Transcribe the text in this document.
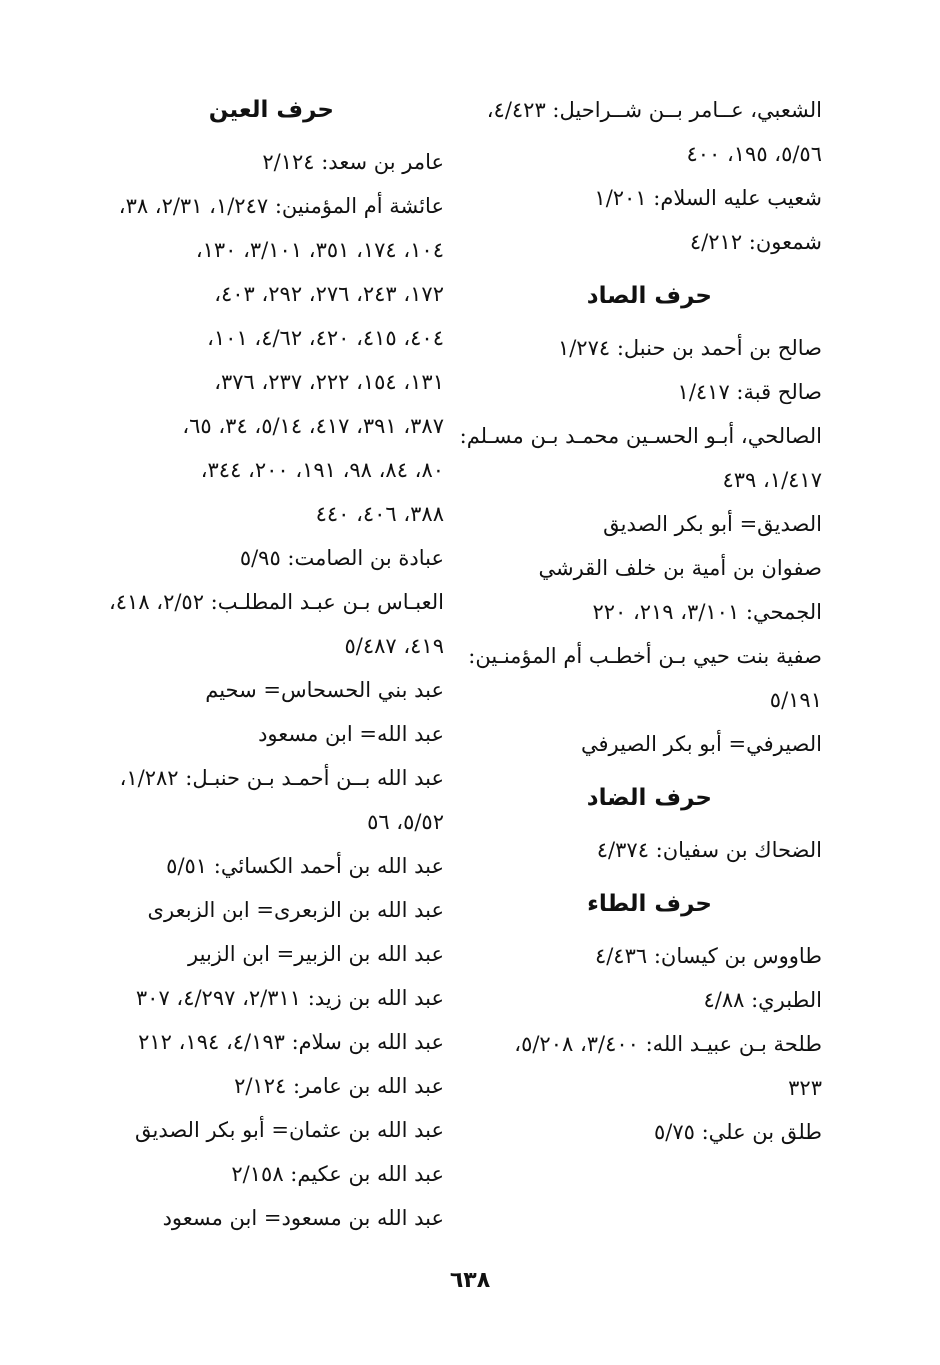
الشعبي، عــامر بــن شــراحيل: ٤/٤٢٣،
٥/٥٦، ١٩٥، ٤٠٠
شعيب عليه السلام: ١/٢٠١
شمعون: ٤/٢١٢
حرف الصاد
صالح بن أحمد بن حنبل: ١/٢٧٤
صالح قبة: ١/٤١٧
الصالحي، أبـو الحسـين محمـد بـن مسـلم:
١/٤١٧، ٤٣٩
الصديق= أبو بكر الصديق
صفوان بن أمية بن خلف القرشي
الجمحي: ٣/١٠١، ٢١٩، ٢٢٠
صفية بنت حيي بـن أخطـب أم المؤمنـين:
٥/١٩١
الصيرفي= أبو بكر الصيرفي
حرف الضاد
الضحاك بن سفيان: ٤/٣٧٤
حرف الطاء
طاووس بن كيسان: ٤/٤٣٦
الطبري: ٤/٨٨
طلحة بـن عبيـد الله: ٣/٤٠٠، ٥/٢٠٨،
٣٢٣
طلق بن علي: ٥/٧٥
حرف العين
عامر بن سعد: ٢/١٢٤
عائشة أم المؤمنين: ١/٢٤٧، ٢/٣١، ٣٨،
١٠٤، ١٧٤، ٣٥١، ٣/١٠١، ١٣٠،
١٧٢، ٢٤٣، ٢٧٦، ٢٩٢، ٤٠٣،
٤٠٤، ٤١٥، ٤٢٠، ٤/٦٢، ١٠١،
١٣١، ١٥٤، ٢٢٢، ٢٣٧، ٣٧٦،
٣٨٧، ٣٩١، ٤١٧، ٥/١٤، ٣٤، ٦٥،
٨٠، ٨٤، ٩٨، ١٩١، ٢٠٠، ٣٤٤،
٣٨٨، ٤٠٦، ٤٤٠
عبادة بن الصامت: ٥/٩٥
العبـاس بـن عبـد المطلـب: ٢/٥٢، ٤١٨،
٤١٩، ٥/٤٨٧
عبد بني الحسحاس= سحيم
عبد الله= ابن مسعود
عبد الله بــن أحمـد بـن حنبـل: ١/٢٨٢،
٥/٥٢، ٥٦
عبد الله بن أحمد الكسائي: ٥/٥١
عبد الله بن الزبعرى= ابن الزبعرى
عبد الله بن الزبير= ابن الزبير
عبد الله بن زيد: ٢/٣١١، ٤/٢٩٧، ٣٠٧
عبد الله بن سلام: ٤/١٩٣، ١٩٤، ٢١٢
عبد الله بن عامر: ٢/١٢٤
عبد الله بن عثمان= أبو بكر الصديق
عبد الله بن عكيم: ٢/١٥٨
عبد الله بن مسعود= ابن مسعود
٦٣٨
